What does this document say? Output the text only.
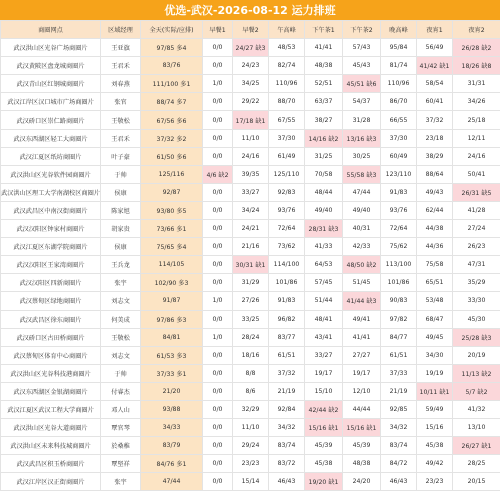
优选-武汉-2026-08-12 运力排班
商圈网点	区域经理	全天(实际/应排)	早餐1	早餐2	午高峰	下午茶1	下午茶2	晚高峰	夜宵1	夜宵2
武汉洪山区光谷广场商圈片	王亚旗	97/85 多4	0/0	24/27 缺3	48/53	41/41	57/43	95/84	56/49	26/28 缺2
武汉黄陂区盘龙城商圈片	王君禾	83/76	0/0	24/23	82/74	48/38	45/43	81/74	41/42 缺1	18/26 缺8
武汉青山区红钢城商圈片	刘春燕	111/100 多1	1/0	34/25	110/96	52/51	45/51 缺6	110/96	58/54	31/31
武汉江岸区汉口城市广场商圈片	张官	88/74 多7	0/0	29/22	88/70	63/37	54/37	86/70	60/41	34/26
武汉硚口区崇仁路商圈片	王敬松	67/56 多6	0/0	17/18 缺1	67/55	38/27	31/28	66/55	37/32	25/18
武汉东西湖区轻工大商圈片	王君禾	37/32 多2	0/0	11/10	37/30	14/16 缺2	13/16 缺3	37/30	23/18	12/11
武汉江夏区纸坊商圈片	叶子豪	61/50 多6	0/0	24/16	61/49	31/25	30/25	60/49	38/29	24/16
武汉洪山区光谷软件园商圈片	于帅	125/116	4/6 缺2	39/35	125/110	70/58	55/58 缺3	123/110	88/64	50/41
武汉洪山区理工大学南湖校区商圈片	侯康	92/87	0/0	33/27	92/83	48/44	47/44	91/83	49/43	26/31 缺5
武汉武昌区中南汉街商圈片	陈家旭	93/80 多5	0/0	34/24	93/76	49/40	49/40	93/76	62/44	41/28
武汉汉阳区钟家村商圈片	胡家贵	73/66 多1	0/0	24/21	72/64	28/31 缺3	40/31	72/64	44/38	27/24
武汉江夏区东湖学院商圈片	侯康	75/65 多4	0/0	21/16	73/62	41/33	42/33	75/62	44/36	26/23
武汉汉阳区王家湾商圈片	王兵龙	114/105	0/0	30/31 缺1	114/100	64/53	48/50 缺2	113/100	75/58	47/31
武汉汉阳区四新商圈片	张宇	102/90 多3	0/0	31/29	101/86	57/45	51/45	101/86	65/51	35/29
武汉蔡甸区绿地商圈片	刘志文	91/87	1/0	27/26	91/83	51/44	41/44 缺3	90/83	53/48	33/30
武汉武昌区徐东商圈片	何美成	97/86 多3	0/0	33/25	96/82	48/41	49/41	97/82	68/47	45/30
武汉硚口区古田桥商圈片	王敬松	84/81	1/0	28/24	83/77	43/41	41/41	84/77	49/45	25/28 缺3
武汉蔡甸区体育中心商圈片	刘志文	61/53 多3	0/0	18/16	61/51	33/27	27/27	61/51	34/30	20/19
武汉洪山区光谷科技港商圈片	于帅	37/33 多1	0/0	8/8	37/32	19/17	19/17	37/33	19/19	11/13 缺2
武汉东西湖区金银湖商圈片	付睿杰	21/20	0/0	8/6	21/19	15/10	12/10	21/19	10/11 缺1	5/7 缺2
武汉江夏区武汉工程大学商圈片	邓人山	93/88	0/0	32/29	92/84	42/44 缺2	44/44	92/85	59/49	41/32
武汉洪山区光谷大道商圈片	覃官琴	34/33	0/0	11/10	34/32	15/16 缺1	15/16 缺1	34/32	15/16	13/10
武汉洪山区未来科技城商圈片	於桑稚	83/79	0/0	29/24	83/74	45/39	45/39	83/74	45/38	26/27 缺1
武汉武昌区积玉桥商圈片	覃堅祥	84/76 多1	0/0	23/23	83/72	45/38	48/38	84/72	49/42	28/25
武汉江岸区汉正街商圈片	张宇	47/44	0/0	15/14	46/43	19/20 缺1	24/20	46/43	23/23	20/15
